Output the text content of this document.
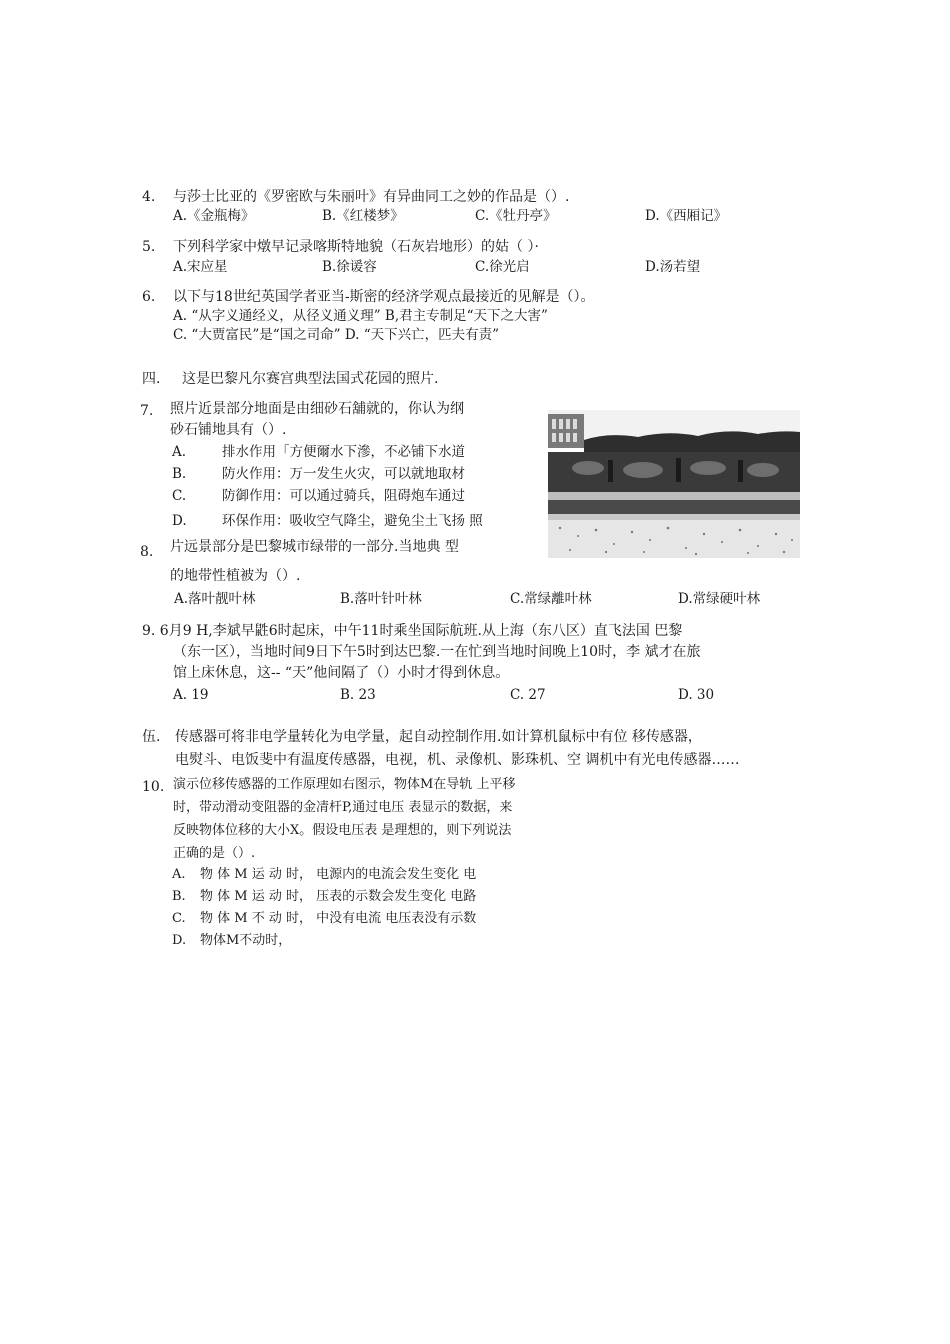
4. 与莎士比亚的《罗密欧与朱丽叶》有异曲同工之妙的作品是（）.
A.《金瓶梅》	B.《红楼梦》	C.《牡丹亭》	D.《西厢记》
5. 下列科学家中燉早记录喀斯特地貌（石灰岩地形）的姑（ ）·
A.宋应星	B.徐谖容	C.徐光启	D.汤若望
6. 以下与18世纪英国学者亚当-斯密的经济学观点最接近的见解是（）。
A. “从字义通经义，从径义通义理” B,君主专制足“天下之大害”
C. “大贾富民”是“国之司命” D. “天下兴亡，匹夫有责”
四. 这是巴黎凡尔赛宫典型法国式花园的照片.
7. 照片近景部分地面是由细砂石舖就的，你认为纲
砂石铺地具有（）.
A.	排水作用「方便爾水下滲，不必铺下水道
B.	防火作用：万一发生火灾，可以就地取材
C.	防御作用：可以通过骑兵，阻碍炮车通过
D.	环保作用：吸收空气降尘，避免尘土飞扬 照
8. 片远景部分是巴黎城市绿带的一部分.当地典 型
的地带性植被为（）.
A.落叶靓叶林	B.落叶针叶林	C.常绿離叶林	D.常绿硬叶林
9. 6月9 H,李斌早鼪6时起床，中午11时乘坐国际航班.从上海（东八区）直飞法国 巴黎
（东一区），当地时间9日下午5时到达巴黎.一在忙到当地时间晚上10时，李 斌才在旅
馆上床休息，这-- “天”他间隔了（）小时才得到休息。
A. 19	B. 23	C. 27	D. 30
伍. 传感器可将非电学量转化为电学量，起自动控制作用.如计算机鼠标中有位 移传感器，
电熨斗、电饭斐中有温度传感器，电视，机、录像机、影珠机、空 调机中有光电传感器……
10. 演示位移传感器的工作原理如右图示，物体M在导轨 上平移
时，带动滑动变阻器的金凊杆P,通过电压 表显示的数据，来
反映物体位移的大小X。假设电压表 是理想的，则下列说法
正确的是（）.
A. 物 体 M 运 动 时， 电源内的电流会发生变化 电
B. 物 体 M 运 动 时， 压表的示数会发生变化 电路
C. 物 体 M 不 动 时， 中没有电流 电压表没有示数
D. 物体M不动时，
